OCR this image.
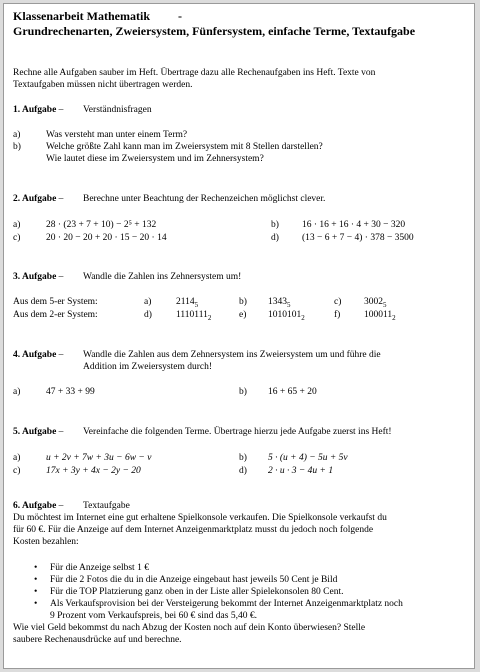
Klassenarbeit Mathematik -
Grundrechenarten, Zweiersystem, Fünfersystem, einfache Terme, Textaufgabe
Rechne alle Aufgaben sauber im Heft. Übertrage dazu alle Rechenaufgaben ins Heft. Texte von
Textaufgaben müssen nicht übertragen werden.
1. Aufgabe – Verständnisfragen
a)	Was versteht man unter einem Term?
b)	Welche größte Zahl kann man im Zweiersystem mit 8 Stellen darstellen?
Wie lautet diese im Zweiersystem und im Zehnersystem?
2. Aufgabe – Berechne unter Beachtung der Rechenzeichen möglichst clever.
a)	28 · (23 + 7 + 10) − 2⁵ + 132	b) 16 · 16 + 16 · 4 + 30 − 320
c)	20 · 20 − 20 + 20 · 15 − 20 · 14	d) (13 − 6 + 7 − 4) · 378 − 3500
3. Aufgabe – Wandle die Zahlen ins Zehnersystem um!
Aus dem 5-er System:	a)	$2114_5$	b) $1343_5$	c) $3002_5$
Aus dem 2-er System:	d)	$1110111_2$	e) $1010101_2$	f) $100011_2$
4. Aufgabe – Wandle die Zahlen aus dem Zehnersystem ins Zweiersystem um und führe die
Addition im Zweiersystem durch!
a)	47 + 33 + 99	b) 16 + 65 + 20
5. Aufgabe – Vereinfache die folgenden Terme. Übertrage hierzu jede Aufgabe zuerst ins Heft!
a)	u + 2v + 7w + 3u − 6w − v	b) 5 · (u + 4) − 5u + 5v
c)	17x + 3y + 4x − 2y − 20	d) 2 · u · 3 − 4u + 1
6. Aufgabe – Textaufgabe
Du möchtest im Internet eine gut erhaltene Spielkonsole verkaufen. Die Spielkonsole verkaufst du
für 60 €. Für die Anzeige auf dem Internet Anzeigenmarktplatz musst du jedoch noch folgende
Kosten bezahlen:
• Für die Anzeige selbst 1 €
• Für die 2 Fotos die du in die Anzeige eingebaut hast jeweils 50 Cent je Bild
• Für die TOP Platzierung ganz oben in der Liste aller Spielekonsolen 80 Cent.
• Als Verkaufsprovision bei der Versteigerung bekommt der Internet Anzeigenmarktplatz noch
9 Prozent vom Verkaufspreis, bei 60 € sind das 5,40 €.
Wie viel Geld bekommst du nach Abzug der Kosten noch auf dein Konto überwiesen? Stelle
saubere Rechenausdrücke auf und berechne.
